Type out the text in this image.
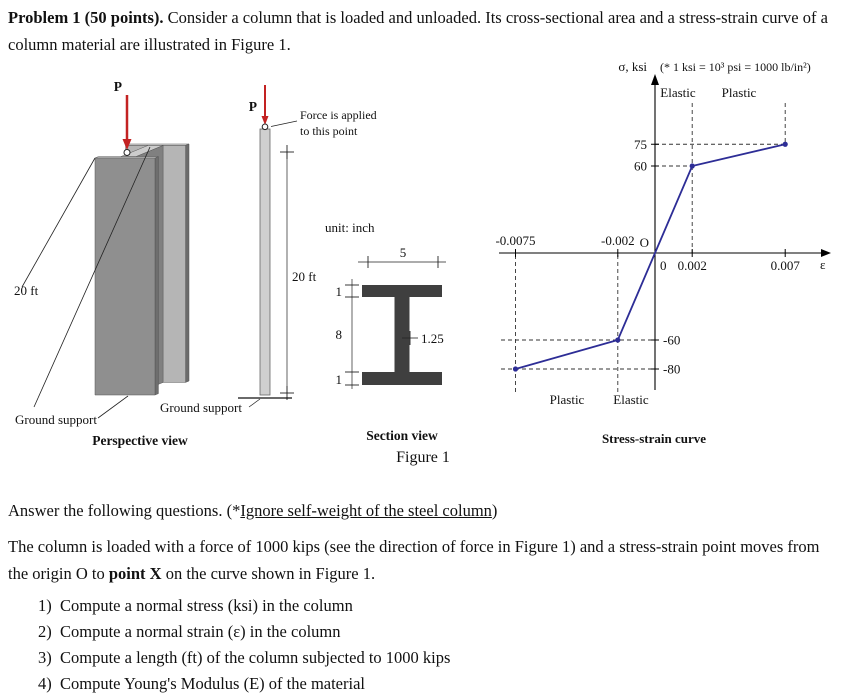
Problem 1 (50 points). Consider a column that is loaded and unloaded. Its cross-sectional area and a stress-strain curve of a column material are illustrated in Figure 1.

P
20 ft
Ground support
Perspective view
P
Force is applied
to this point
20 ft
Ground support
unit: inch
5
1
8
1
1.25
Section view
σ, ksi (* 1 ksi = 10³ psi = 1000 lb/in²)
Elastic Plastic
Plastic Elastic
O
ε
Stress-strain curve
75
60
-60
-80
-0.0075	-0.002
0 0.002	0.007
Figure 1

Answer the following questions. (*Ignore self-weight of the steel column)

The column is loaded with a force of 1000 kips (see the direction of force in Figure 1) and a stress-strain point moves from the origin O to point X on the curve shown in Figure 1.

1) Compute a normal stress (ksi) in the column
2) Compute a normal strain (ε) in the column
3) Compute a length (ft) of the column subjected to 1000 kips
4) Compute Young's Modulus (E) of the material
